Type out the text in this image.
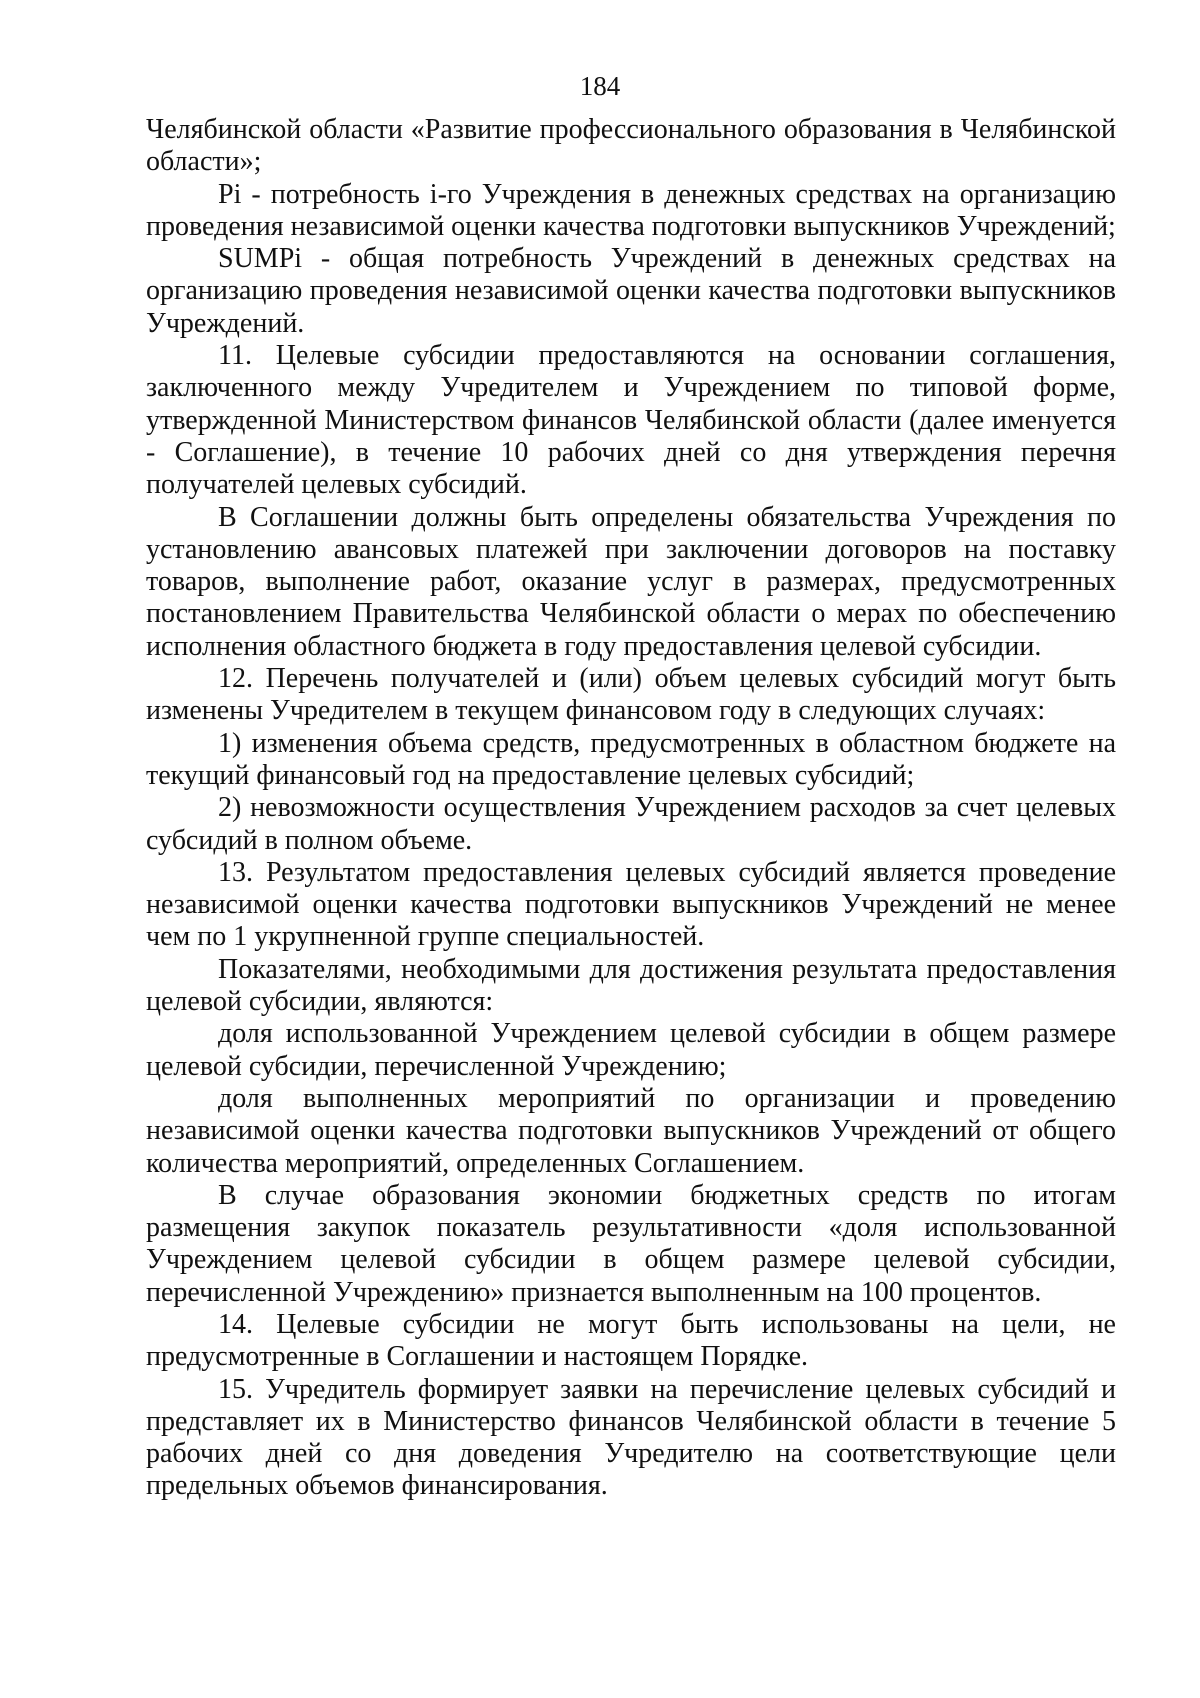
184

Челябинской области «Развитие профессионального образования в Челябинской области»;

Pi - потребность i-го Учреждения в денежных средствах на организацию проведения независимой оценки качества подготовки выпускников Учреждений;

SUMPi - общая потребность Учреждений в денежных средствах на организацию проведения независимой оценки качества подготовки выпускников Учреждений.

11. Целевые субсидии предоставляются на основании соглашения, заключенного между Учредителем и Учреждением по типовой форме, утвержденной Министерством финансов Челябинской области (далее именуется - Соглашение), в течение 10 рабочих дней со дня утверждения перечня получателей целевых субсидий.

В Соглашении должны быть определены обязательства Учреждения по установлению авансовых платежей при заключении договоров на поставку товаров, выполнение работ, оказание услуг в размерах, предусмотренных постановлением Правительства Челябинской области о мерах по обеспечению исполнения областного бюджета в году предоставления целевой субсидии.

12. Перечень получателей и (или) объем целевых субсидий могут быть изменены Учредителем в текущем финансовом году в следующих случаях:

1) изменения объема средств, предусмотренных в областном бюджете на текущий финансовый год на предоставление целевых субсидий;

2) невозможности осуществления Учреждением расходов за счет целевых субсидий в полном объеме.

13. Результатом предоставления целевых субсидий является проведение независимой оценки качества подготовки выпускников Учреждений не менее чем по 1 укрупненной группе специальностей.

Показателями, необходимыми для достижения результата предоставления целевой субсидии, являются:

доля использованной Учреждением целевой субсидии в общем размере целевой субсидии, перечисленной Учреждению;

доля выполненных мероприятий по организации и проведению независимой оценки качества подготовки выпускников Учреждений от общего количества мероприятий, определенных Соглашением.

В случае образования экономии бюджетных средств по итогам размещения закупок показатель результативности «доля использованной Учреждением целевой субсидии в общем размере целевой субсидии, перечисленной Учреждению» признается выполненным на 100 процентов.

14. Целевые субсидии не могут быть использованы на цели, не предусмотренные в Соглашении и настоящем Порядке.

15. Учредитель формирует заявки на перечисление целевых субсидий и представляет их в Министерство финансов Челябинской области в течение 5 рабочих дней со дня доведения Учредителю на соответствующие цели предельных объемов финансирования.
